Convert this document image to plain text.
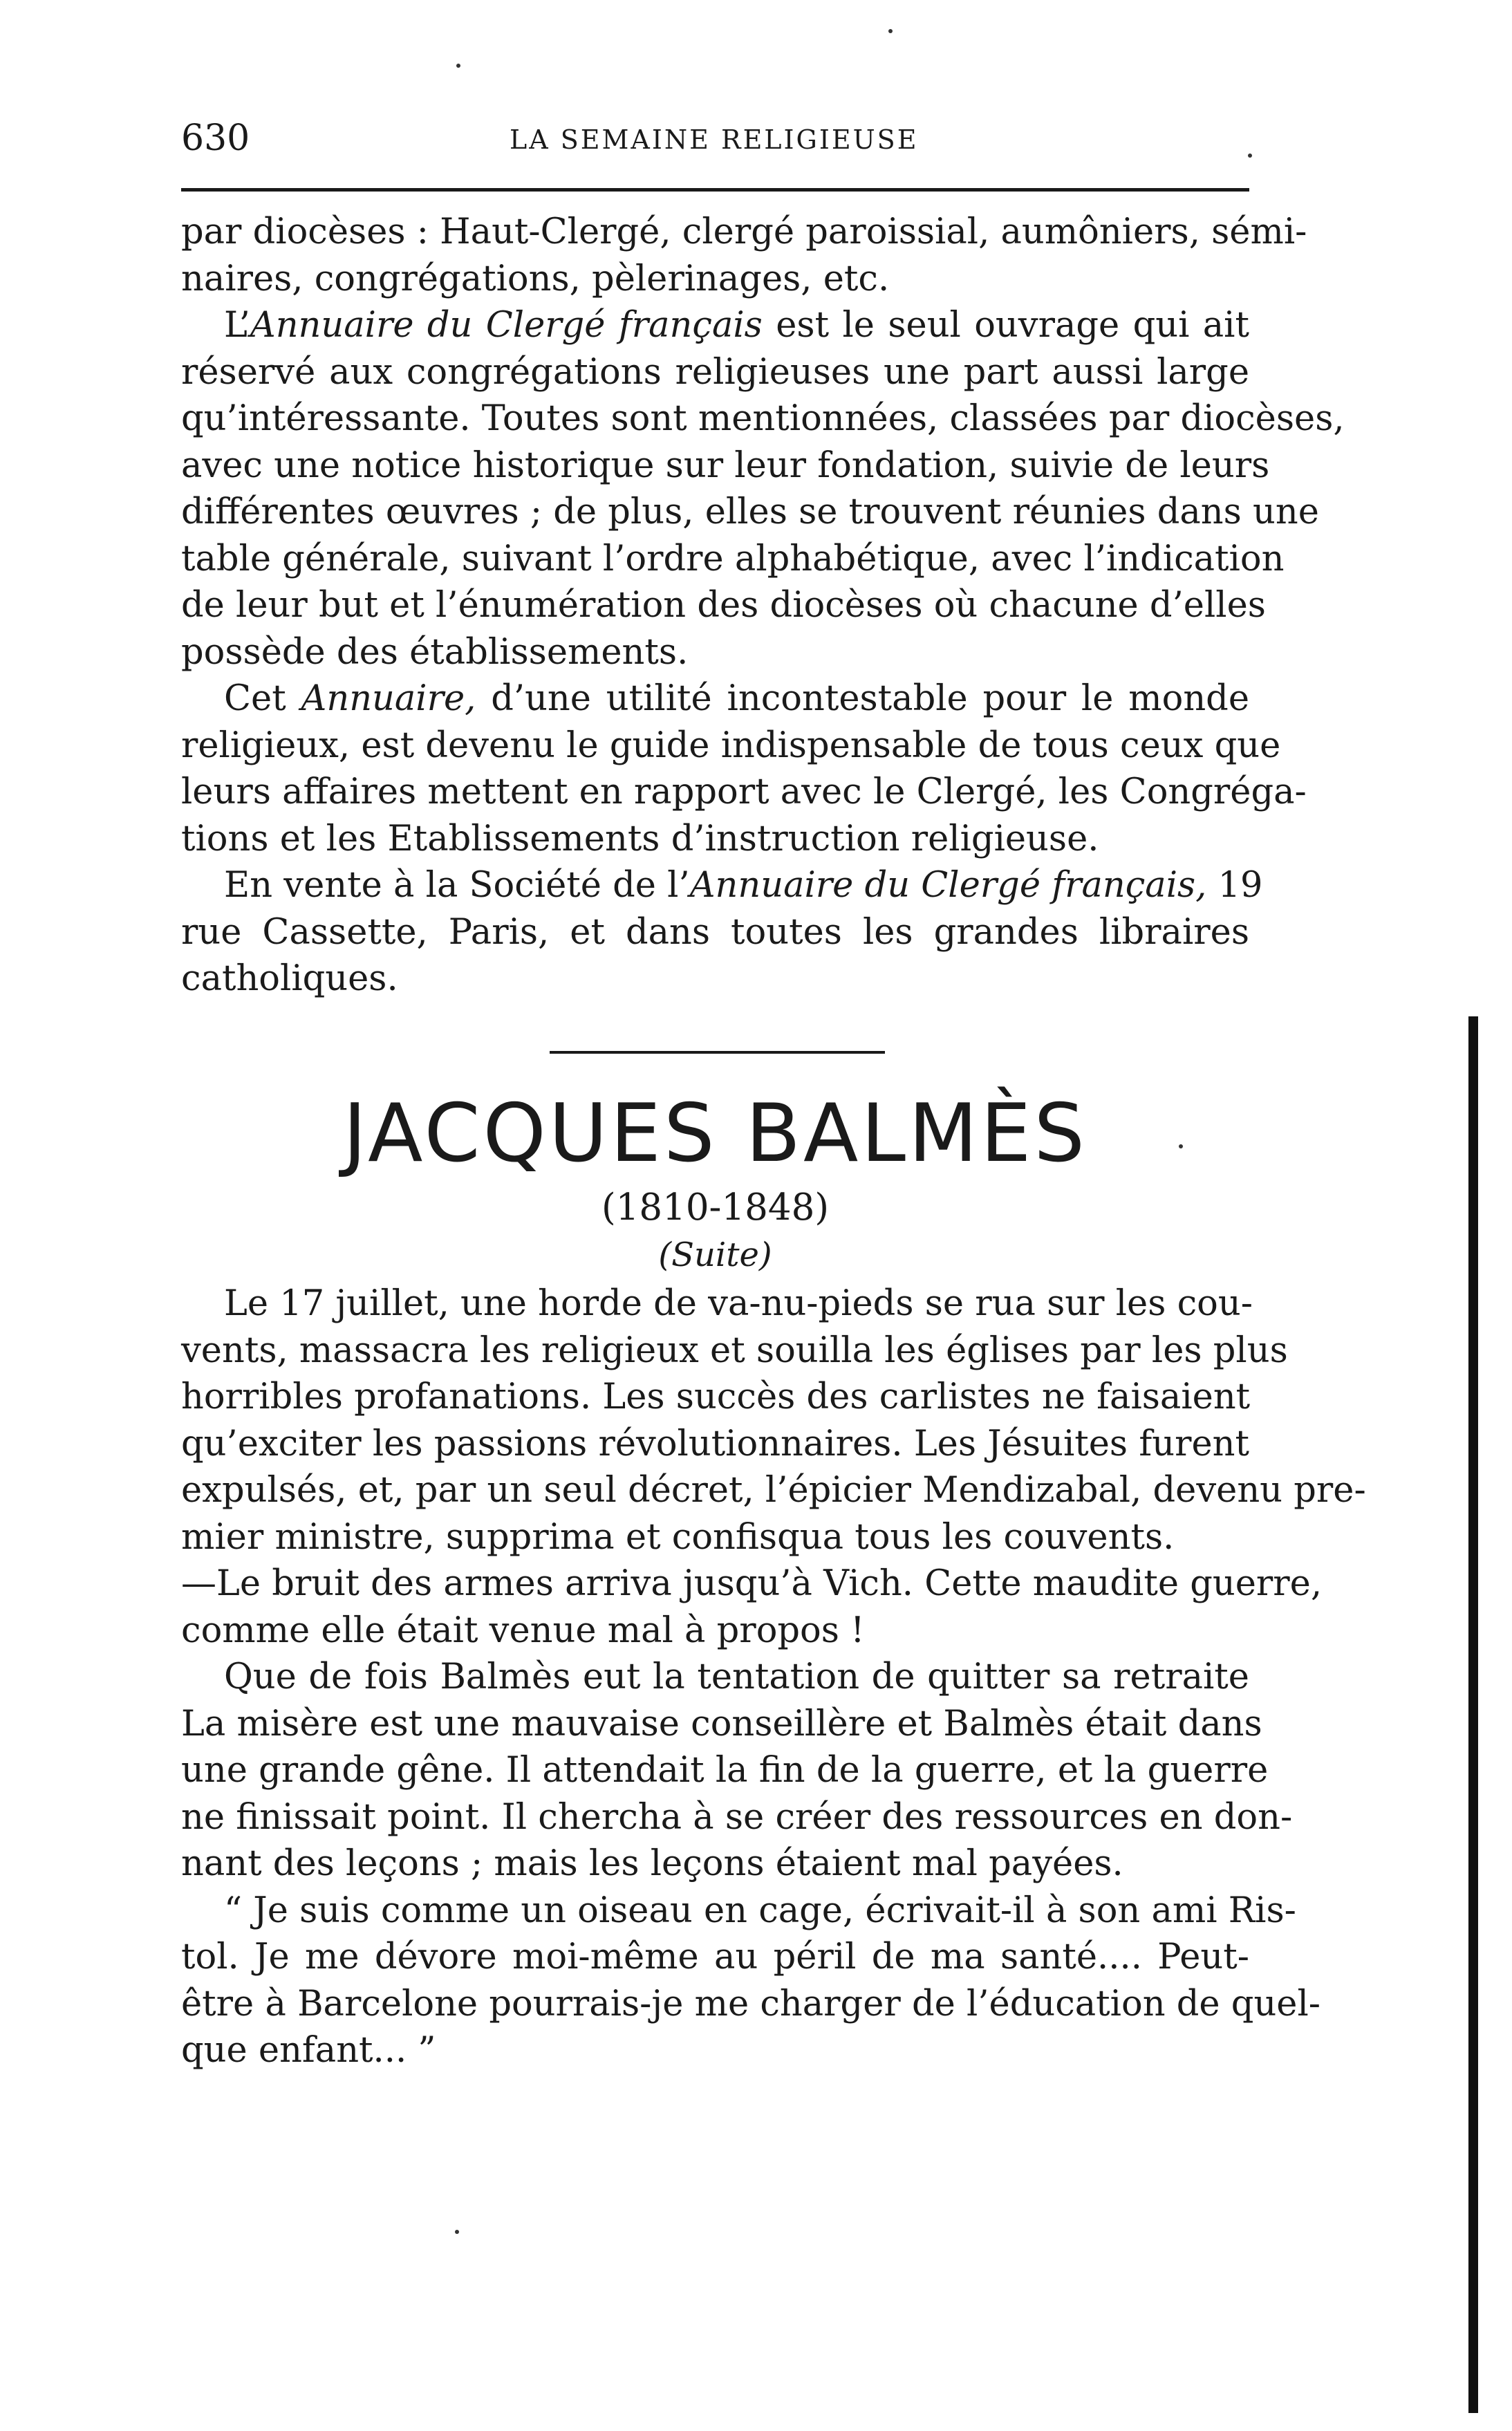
630	LA SEMAINE RELIGIEUSE
par diocèses : Haut-Clergé, clergé paroissial, aumôniers, sémi-
naires, congrégations, pèlerinages, etc.
L’Annuaire du Clergé français est le seul ouvrage qui ait
réservé aux congrégations religieuses une part aussi large
qu’intéressante. Toutes sont mentionnées, classées par diocèses,
avec une notice historique sur leur fondation, suivie de leurs
différentes œuvres ; de plus, elles se trouvent réunies dans une
table générale, suivant l’ordre alphabétique, avec l’indication
de leur but et l’énumération des diocèses où chacune d’elles
possède des établissements.
Cet Annuaire, d’une utilité incontestable pour le monde
religieux, est devenu le guide indispensable de tous ceux que
leurs affaires mettent en rapport avec le Clergé, les Congréga-
tions et les Etablissements d’instruction religieuse.
En vente à la Société de l’Annuaire du Clergé français, 19
rue Cassette, Paris, et dans toutes les grandes libraires
catholiques.
JACQUES BALMÈS
(1810-1848)
(Suite)
Le 17 juillet, une horde de va-nu-pieds se rua sur les cou-
vents, massacra les religieux et souilla les églises par les plus
horribles profanations. Les succès des carlistes ne faisaient
qu’exciter les passions révolutionnaires. Les Jésuites furent
expulsés, et, par un seul décret, l’épicier Mendizabal, devenu pre-
mier ministre, supprima et confisqua tous les couvents.
—Le bruit des armes arriva jusqu’à Vich. Cette maudite guerre,
comme elle était venue mal à propos !
Que de fois Balmès eut la tentation de quitter sa retraite
La misère est une mauvaise conseillère et Balmès était dans
une grande gêne. Il attendait la fin de la guerre, et la guerre
ne finissait point. Il chercha à se créer des ressources en don-
nant des leçons ; mais les leçons étaient mal payées.
“ Je suis comme un oiseau en cage, écrivait-il à son ami Ris-
tol. Je me dévore moi-même au péril de ma santé.... Peut-
être à Barcelone pourrais-je me charger de l’éducation de quel-
que enfant... ”
